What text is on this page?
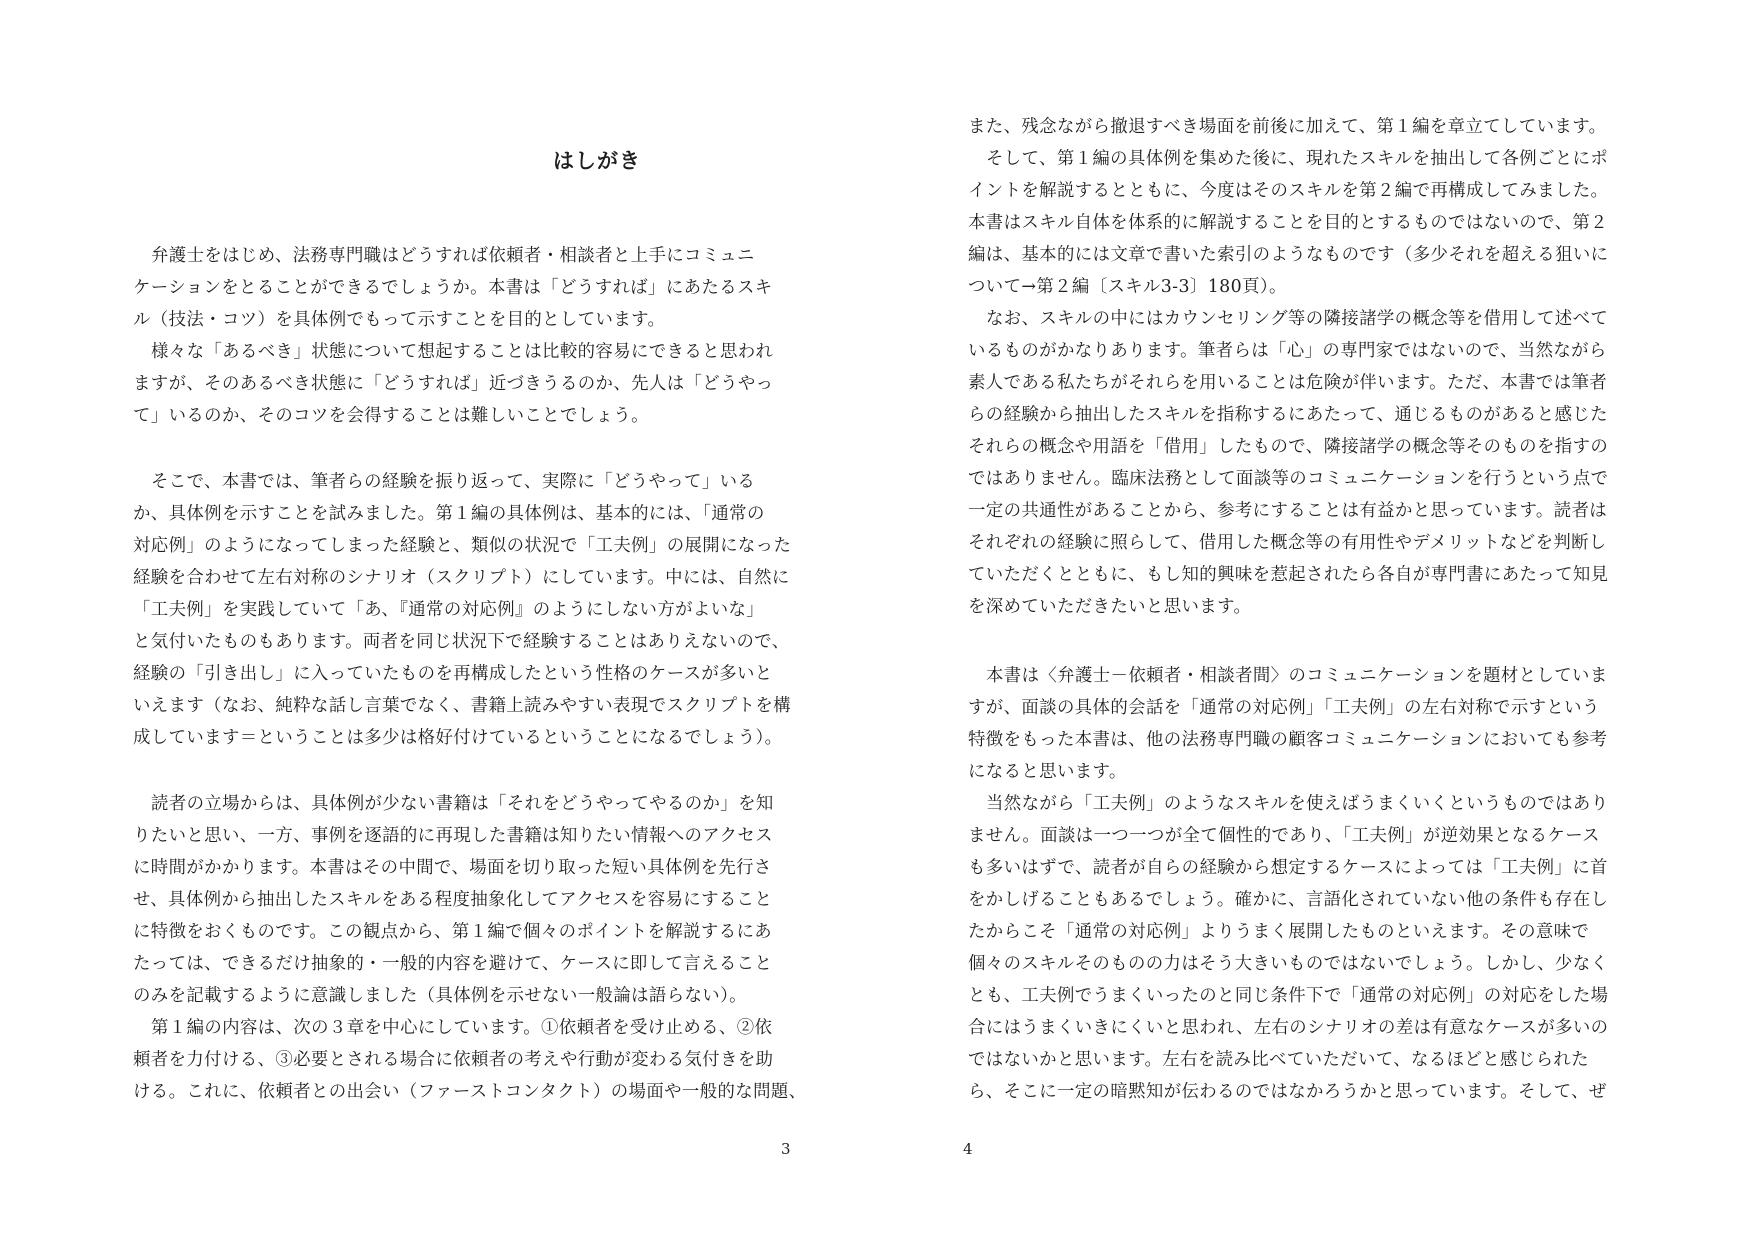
はしがき
弁護士をはじめ、法務専門職はどうすれば依頼者・相談者と上手にコミュニ
ケーションをとることができるでしょうか。本書は「どうすれば」にあたるスキ
ル（技法・コツ）を具体例でもって示すことを目的としています。
様々な「あるべき」状態について想起することは比較的容易にできると思われ
ますが、そのあるべき状態に「どうすれば」近づきうるのか、先人は「どうやっ
て」いるのか、そのコツを会得することは難しいことでしょう。
そこで、本書では、筆者らの経験を振り返って、実際に「どうやって」いる
か、具体例を示すことを試みました。第１編の具体例は、基本的には、「通常の
対応例」のようになってしまった経験と、類似の状況で「工夫例」の展開になった
経験を合わせて左右対称のシナリオ（スクリプト）にしています。中には、自然に
「工夫例」を実践していて「あ、『通常の対応例』のようにしない方がよいな」
と気付いたものもあります。両者を同じ状況下で経験することはありえないので、
経験の「引き出し」に入っていたものを再構成したという性格のケースが多いと
いえます（なお、純粋な話し言葉でなく、書籍上読みやすい表現でスクリプトを構
成しています＝ということは多少は格好付けているということになるでしょう）。
読者の立場からは、具体例が少ない書籍は「それをどうやってやるのか」を知
りたいと思い、一方、事例を逐語的に再現した書籍は知りたい情報へのアクセス
に時間がかかります。本書はその中間で、場面を切り取った短い具体例を先行さ
せ、具体例から抽出したスキルをある程度抽象化してアクセスを容易にすること
に特徴をおくものです。この観点から、第１編で個々のポイントを解説するにあ
たっては、できるだけ抽象的・一般的内容を避けて、ケースに即して言えること
のみを記載するように意識しました（具体例を示せない一般論は語らない）。
第１編の内容は、次の３章を中心にしています。①依頼者を受け止める、②依
頼者を力付ける、③必要とされる場合に依頼者の考えや行動が変わる気付きを助
ける。これに、依頼者との出会い（ファーストコンタクト）の場面や一般的な問題、
3
また、残念ながら撤退すべき場面を前後に加えて、第１編を章立てしています。
そして、第１編の具体例を集めた後に、現れたスキルを抽出して各例ごとにポ
イントを解説するとともに、今度はそのスキルを第２編で再構成してみました。
本書はスキル自体を体系的に解説することを目的とするものではないので、第２
編は、基本的には文章で書いた索引のようなものです（多少それを超える狙いに
ついて→第２編〔スキル3-3〕180頁）。
なお、スキルの中にはカウンセリング等の隣接諸学の概念等を借用して述べて
いるものがかなりあります。筆者らは「心」の専門家ではないので、当然ながら
素人である私たちがそれらを用いることは危険が伴います。ただ、本書では筆者
らの経験から抽出したスキルを指称するにあたって、通じるものがあると感じた
それらの概念や用語を「借用」したもので、隣接諸学の概念等そのものを指すの
ではありません。臨床法務として面談等のコミュニケーションを行うという点で
一定の共通性があることから、参考にすることは有益かと思っています。読者は
それぞれの経験に照らして、借用した概念等の有用性やデメリットなどを判断し
ていただくとともに、もし知的興味を惹起されたら各自が専門書にあたって知見
を深めていただきたいと思います。
本書は〈弁護士－依頼者・相談者間〉のコミュニケーションを題材としていま
すが、面談の具体的会話を「通常の対応例」「工夫例」の左右対称で示すという
特徴をもった本書は、他の法務専門職の顧客コミュニケーションにおいても参考
になると思います。
当然ながら「工夫例」のようなスキルを使えばうまくいくというものではあり
ません。面談は一つ一つが全て個性的であり、「工夫例」が逆効果となるケース
も多いはずで、読者が自らの経験から想定するケースによっては「工夫例」に首
をかしげることもあるでしょう。確かに、言語化されていない他の条件も存在し
たからこそ「通常の対応例」よりうまく展開したものといえます。その意味で
個々のスキルそのものの力はそう大きいものではないでしょう。しかし、少なく
とも、工夫例でうまくいったのと同じ条件下で「通常の対応例」の対応をした場
合にはうまくいきにくいと思われ、左右のシナリオの差は有意なケースが多いの
ではないかと思います。左右を読み比べていただいて、なるほどと感じられた
ら、そこに一定の暗黙知が伝わるのではなかろうかと思っています。そして、ぜ
4
